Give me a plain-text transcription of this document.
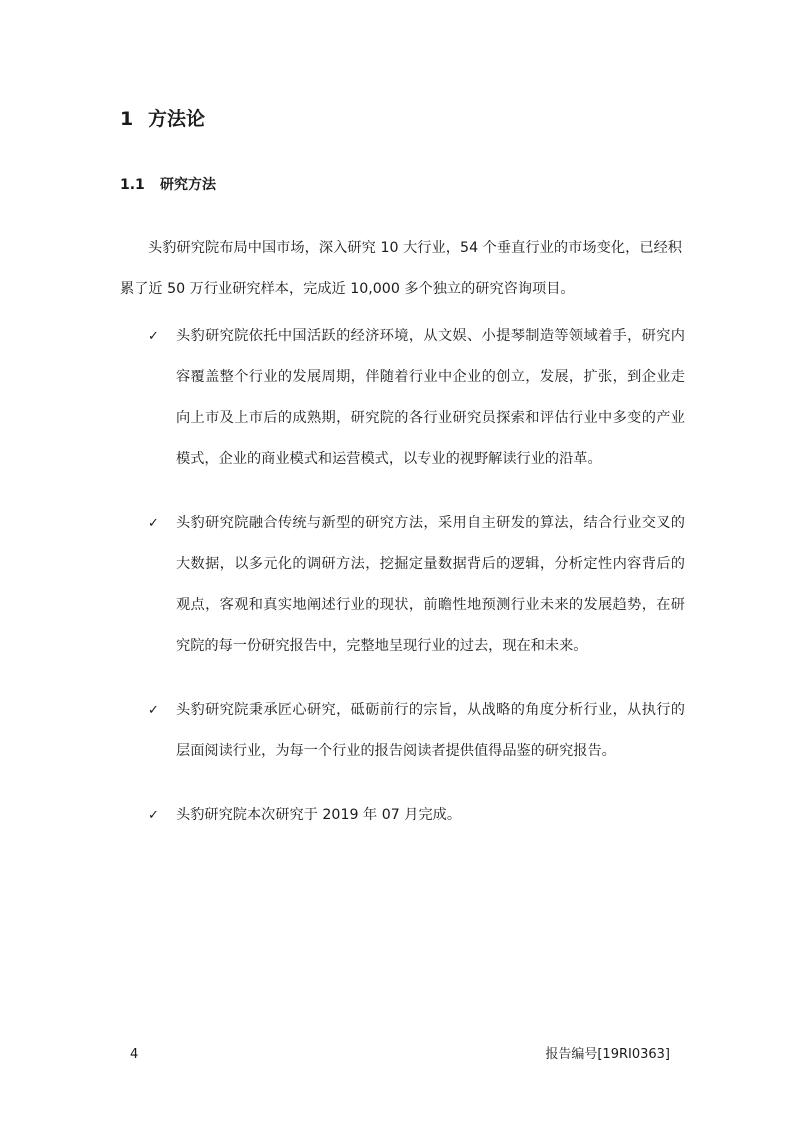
1 方法论
1.1 研究方法

头豹研究院布局中国市场，深入研究 10 大行业，54 个垂直行业的市场变化，已经积累了近 50 万行业研究样本，完成近 10,000 多个独立的研究咨询项目。

✓ 头豹研究院依托中国活跃的经济环境，从文娱、小提琴制造等领域着手，研究内容覆盖整个行业的发展周期，伴随着行业中企业的创立，发展，扩张，到企业走向上市及上市后的成熟期，研究院的各行业研究员探索和评估行业中多变的产业模式，企业的商业模式和运营模式，以专业的视野解读行业的沿革。
✓ 头豹研究院融合传统与新型的研究方法，采用自主研发的算法，结合行业交叉的大数据，以多元化的调研方法，挖掘定量数据背后的逻辑，分析定性内容背后的观点，客观和真实地阐述行业的现状，前瞻性地预测行业未来的发展趋势，在研究院的每一份研究报告中，完整地呈现行业的过去，现在和未来。
✓ 头豹研究院秉承匠心研究，砥砺前行的宗旨，从战略的角度分析行业，从执行的层面阅读行业，为每一个行业的报告阅读者提供值得品鉴的研究报告。
✓ 头豹研究院本次研究于 2019 年 07 月完成。
4	报告编号[19RI0363]
